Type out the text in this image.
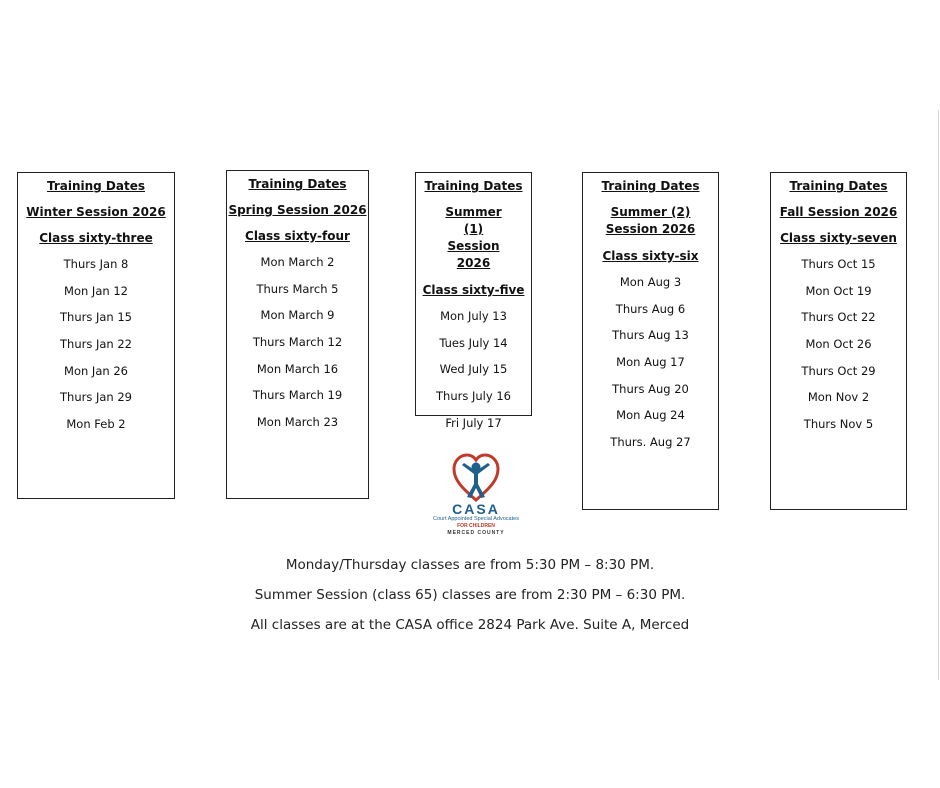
Training Dates

Winter Session 2026

Class sixty-three

Thurs Jan 8
Mon Jan 12
Thurs Jan 15
Thurs Jan 22
Mon Jan 26
Thurs Jan 29
Mon Feb 2

Training Dates

Spring Session 2026

Class sixty-four

Mon March 2
Thurs March 5
Mon March 9
Thurs March 12
Mon March 16
Thurs March 19
Mon March 23

Training Dates

Summer (1) Session 2026

Class sixty-five

Mon July 13
Tues July 14
Wed July 15
Thurs July 16
Fri July 17

Training Dates

Summer (2) Session 2026

Class sixty-six

Mon Aug 3
Thurs Aug 6
Thurs Aug 13
Mon Aug 17
Thurs Aug 20
Mon Aug 24
Thurs. Aug 27

Training Dates

Fall Session 2026

Class sixty-seven

Thurs Oct 15
Mon Oct 19
Thurs Oct 22
Mon Oct 26
Thurs Oct 29
Mon Nov 2
Thurs Nov 5
CASA
Court Appointed Special Advocates
FOR CHILDREN
MERCED COUNTY
Monday/Thursday classes are from 5:30 PM – 8:30 PM.
Summer Session (class 65) classes are from 2:30 PM – 6:30 PM.
All classes are at the CASA office 2824 Park Ave. Suite A, Merced
